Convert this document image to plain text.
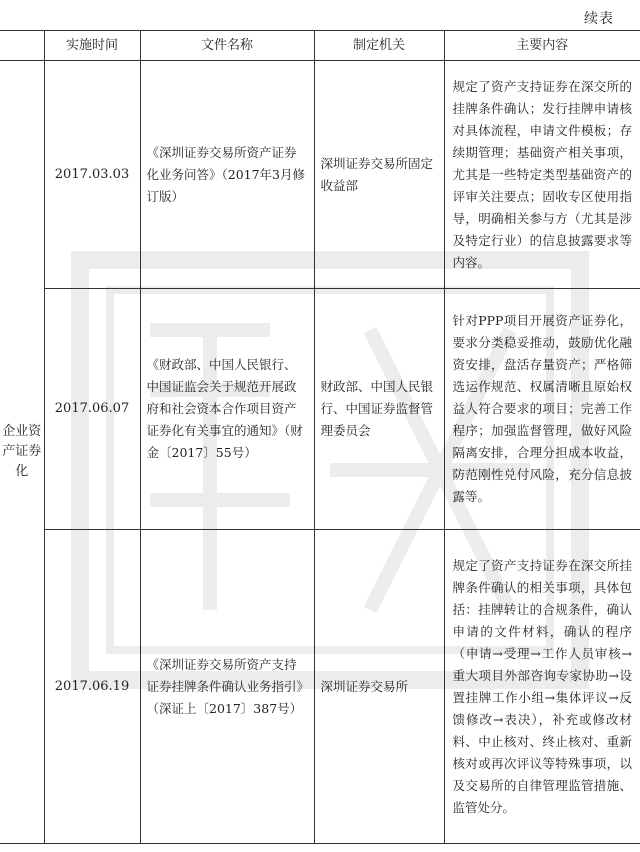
续表
	实施时间	文件名称	制定机关	主要内容
企业资产证券化	2017.03.03	《深圳证券交易所资产证券化业务问答》（2017年3月修订版）	深圳证券交易所固定收益部	规定了资产支持证券在深交所的挂牌条件确认；发行挂牌申请核对具体流程，申请文件模板；存续期管理；基础资产相关事项，尤其是一些特定类型基础资产的评审关注要点；固收专区使用指导，明确相关参与方（尤其是涉及特定行业）的信息披露要求等内容。
	2017.06.07	《财政部、中国人民银行、中国证监会关于规范开展政府和社会资本合作项目资产证券化有关事宜的通知》（财金〔2017〕55号）	财政部、中国人民银行、中国证券监督管理委员会	针对PPP项目开展资产证券化，要求分类稳妥推动，鼓励优化融资安排，盘活存量资产；严格筛选运作规范、权属清晰且原始权益人符合要求的项目；完善工作程序；加强监督管理，做好风险隔离安排，合理分担成本收益，防范刚性兑付风险，充分信息披露等。
	2017.06.19	《深圳证券交易所资产支持证券挂牌条件确认业务指引》（深证上〔2017〕387号）	深圳证券交易所	规定了资产支持证券在深交所挂牌条件确认的相关事项，具体包括：挂牌转让的合规条件，确认申请的文件材料，确认的程序（申请→受理→工作人员审核→重大项目外部咨询专家协助→设置挂牌工作小组→集体评议→反馈修改→表决），补充或修改材料、中止核对、终止核对、重新核对或再次评议等特殊事项，以及交易所的自律管理监管措施、监管处分。
